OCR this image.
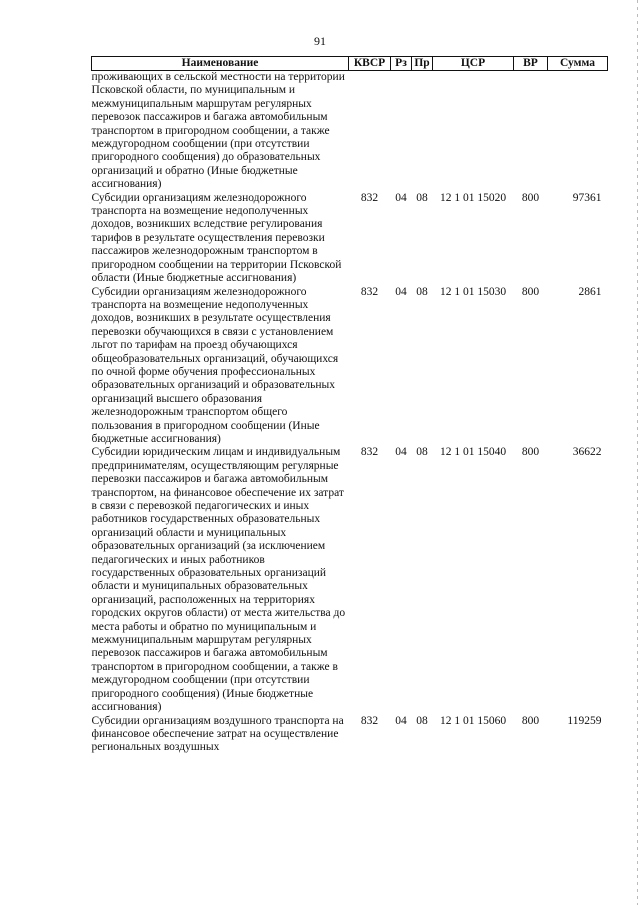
91
Наименование	КВСР	Рз	Пр	ЦСР	ВР	Сумма
проживающих в сельской местности на территории Псковской области, по муниципальным и межмуниципальным маршрутам регулярных перевозок пассажиров и багажа автомобильным транспортом в пригородном сообщении, а также междугородном сообщении (при отсутствии пригородного сообщения) до образовательных организаций и обратно (Иные бюджетные ассигнования)						
Субсидии организациям железнодорожного транспорта на возмещение недополученных доходов, возникших вследствие регулирования тарифов в результате осуществления перевозки пассажиров железнодорожным транспортом в пригородном сообщении на территории Псковской области (Иные бюджетные ассигнования)	832	04	08	12 1 01 15020	800	97361
Субсидии организациям железнодорожного транспорта на возмещение недополученных доходов, возникших в результате осуществления перевозки обучающихся в связи с установлением льгот по тарифам на проезд обучающихся общеобразовательных организаций, обучающихся по очной форме обучения профессиональных образовательных организаций и образовательных организаций высшего образования железнодорожным транспортом общего пользования в пригородном сообщении (Иные бюджетные ассигнования)	832	04	08	12 1 01 15030	800	2861
Субсидии юридическим лицам и индивидуальным предпринимателям, осуществляющим регулярные перевозки пассажиров и багажа автомобильным транспортом, на финансовое обеспечение их затрат в связи с перевозкой педагогических и иных работников государственных образовательных организаций области и муниципальных образовательных организаций (за исключением педагогических и иных работников государственных образовательных организаций области и муниципальных образовательных организаций, расположенных на территориях городских округов области) от места жительства до места работы и обратно по муниципальным и межмуниципальным маршрутам регулярных перевозок пассажиров и багажа автомобильным транспортом в пригородном сообщении, а также в междугородном сообщении (при отсутствии пригородного сообщения) (Иные бюджетные ассигнования)	832	04	08	12 1 01 15040	800	36622
Субсидии организациям воздушного транспорта на финансовое обеспечение затрат на осуществление региональных воздушных	832	04	08	12 1 01 15060	800	119259
